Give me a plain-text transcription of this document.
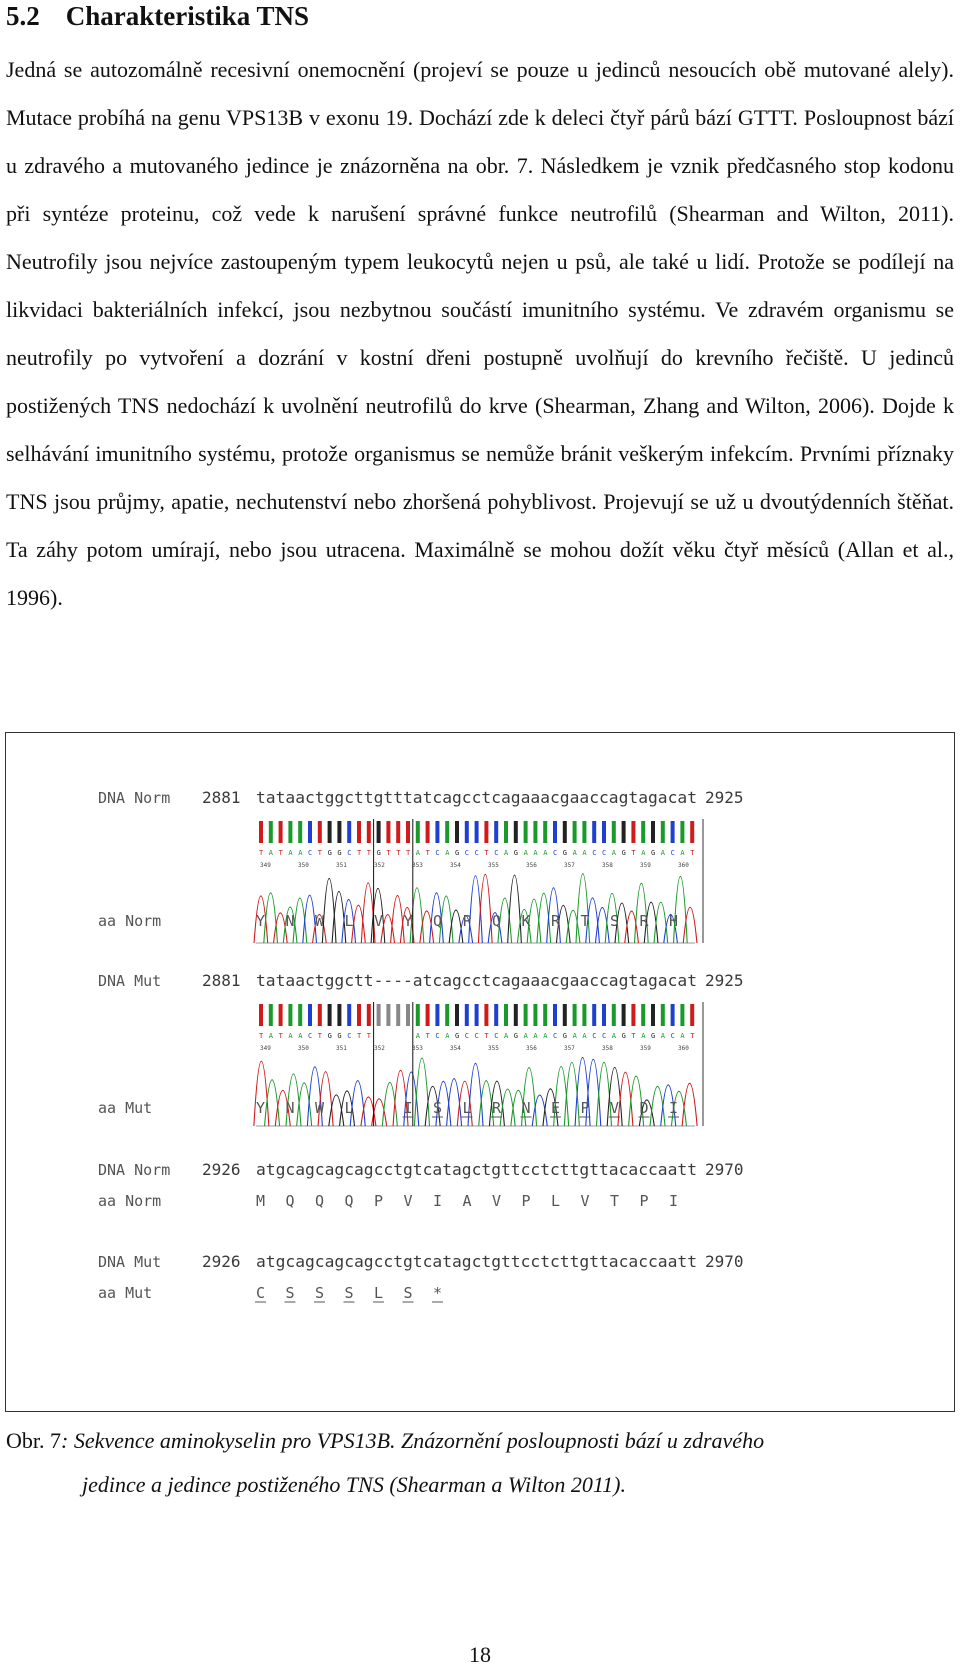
5.2 Charakteristika TNS

Jedná se autozomálně recesivní onemocnění (projeví se pouze u jedinců nesoucích obě mutované alely). Mutace probíhá na genu VPS13B v exonu 19. Dochází zde k deleci čtyř párů bází GTTT. Posloupnost bází u zdravého a mutovaného jedince je znázorněna na obr. 7. Následkem je vznik předčasného stop kodonu při syntéze proteinu, což vede k narušení správné funkce neutrofilů (Shearman and Wilton, 2011). Neutrofily jsou nejvíce zastoupeným typem leukocytů nejen u psů, ale také u lidí. Protože se podílejí na likvidaci bakteriálních infekcí, jsou nezbytnou součástí imunitního systému. Ve zdravém organismu se neutrofily po vytvoření a dozrání v kostní dřeni postupně uvolňují do krevního řečiště. U jedinců postižených TNS nedochází k uvolnění neutrofilů do krve (Shearman, Zhang and Wilton, 2006). Dojde k selhávání imunitního systému, protože organismus se nemůže bránit veškerým infekcím. Prvními příznaky TNS jsou průjmy, apatie, nechutenství nebo zhoršená pohyblivost. Projevují se už u dvoutýdenních štěňat. Ta záhy potom umírají, nebo jsou utracena. Maximálně se mohou dožít věku čtyř měsíců (Allan et al., 1996).

DNA Norm 2881 tataactggcttgtttatcagcctcagaaacgaaccagtagacat 2925
T A T A A C T G G C T T G T T T A T C A G C C T C A G A A A C G A A C C A G T A G A C A T
349	350	351	352	353	354	355	356	357	358	359	360
aa Norm	Y N W L V Y Q P Q K R T S R H
DNA Mut	2881 tataactggctt----atcagcctcagaaacgaaccagtagacat 2925
T A T A A C T G G C T T	A T C A G C C T C A G A A A C G A A C C A G T A G A C A T
349	350	351	352	353	354	355	356	357	358	359	360
aa Mut	Y N W L	I S L R N E P V D I
DNA Norm 2926 atgcagcagcagcctgtcatagctgttcctcttgttacaccaatt 2970
aa Norm	M Q Q Q P V I A V P L V T P I
DNA Mut	2926 atgcagcagcagcctgtcatagctgttcctcttgttacaccaatt 2970
aa Mut	C S S S L S *

Obr. 7: Sekvence aminokyselin pro VPS13B. Znázornění posloupnosti bází u zdravého
jedince a jedince postiženého TNS (Shearman a Wilton 2011).

18
